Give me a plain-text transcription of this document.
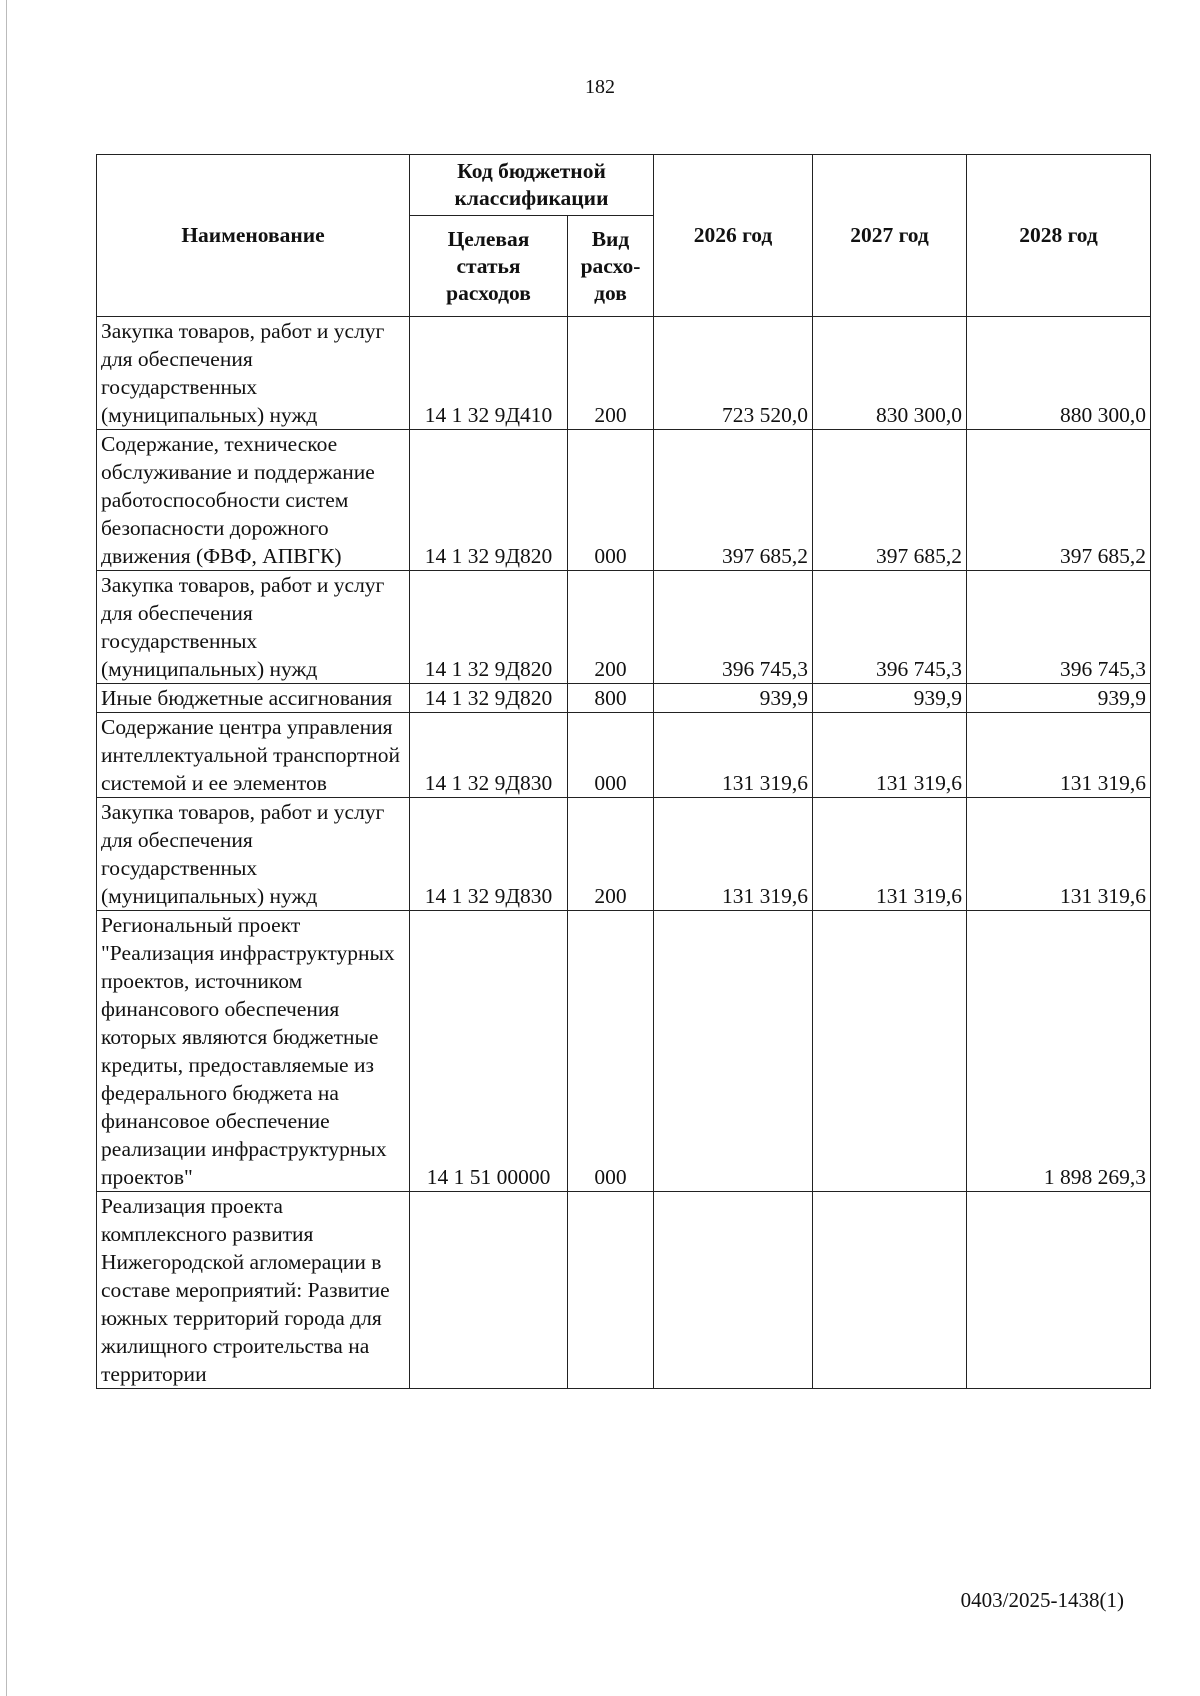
182
Наименование	Код бюджетной классификации		2026 год	2027 год	2028 год
	Целевая статья расходов	Вид расхо-дов			
Закупка товаров, работ и услуг для обеспечения государственных (муниципальных) нужд	14 1 32 9Д410	200	723 520,0	830 300,0	880 300,0
Содержание, техническое обслуживание и поддержание работоспособности систем безопасности дорожного движения (ФВФ, АПВГК)	14 1 32 9Д820	000	397 685,2	397 685,2	397 685,2
Закупка товаров, работ и услуг для обеспечения государственных (муниципальных) нужд	14 1 32 9Д820	200	396 745,3	396 745,3	396 745,3
Иные бюджетные ассигнования	14 1 32 9Д820	800	939,9	939,9	939,9
Содержание центра управления интеллектуальной транспортной системой и ее элементов	14 1 32 9Д830	000	131 319,6	131 319,6	131 319,6
Закупка товаров, работ и услуг для обеспечения государственных (муниципальных) нужд	14 1 32 9Д830	200	131 319,6	131 319,6	131 319,6
Региональный проект "Реализация инфраструктурных проектов, источником финансового обеспечения которых являются бюджетные кредиты, предоставляемые из федерального бюджета на финансовое обеспечение реализации инфраструктурных проектов"	14 1 51 00000	000			1 898 269,3
Реализация проекта комплексного развития Нижегородской агломерации в составе мероприятий: Развитие южных территорий города для жилищного строительства на территории					
0403/2025-1438(1)
